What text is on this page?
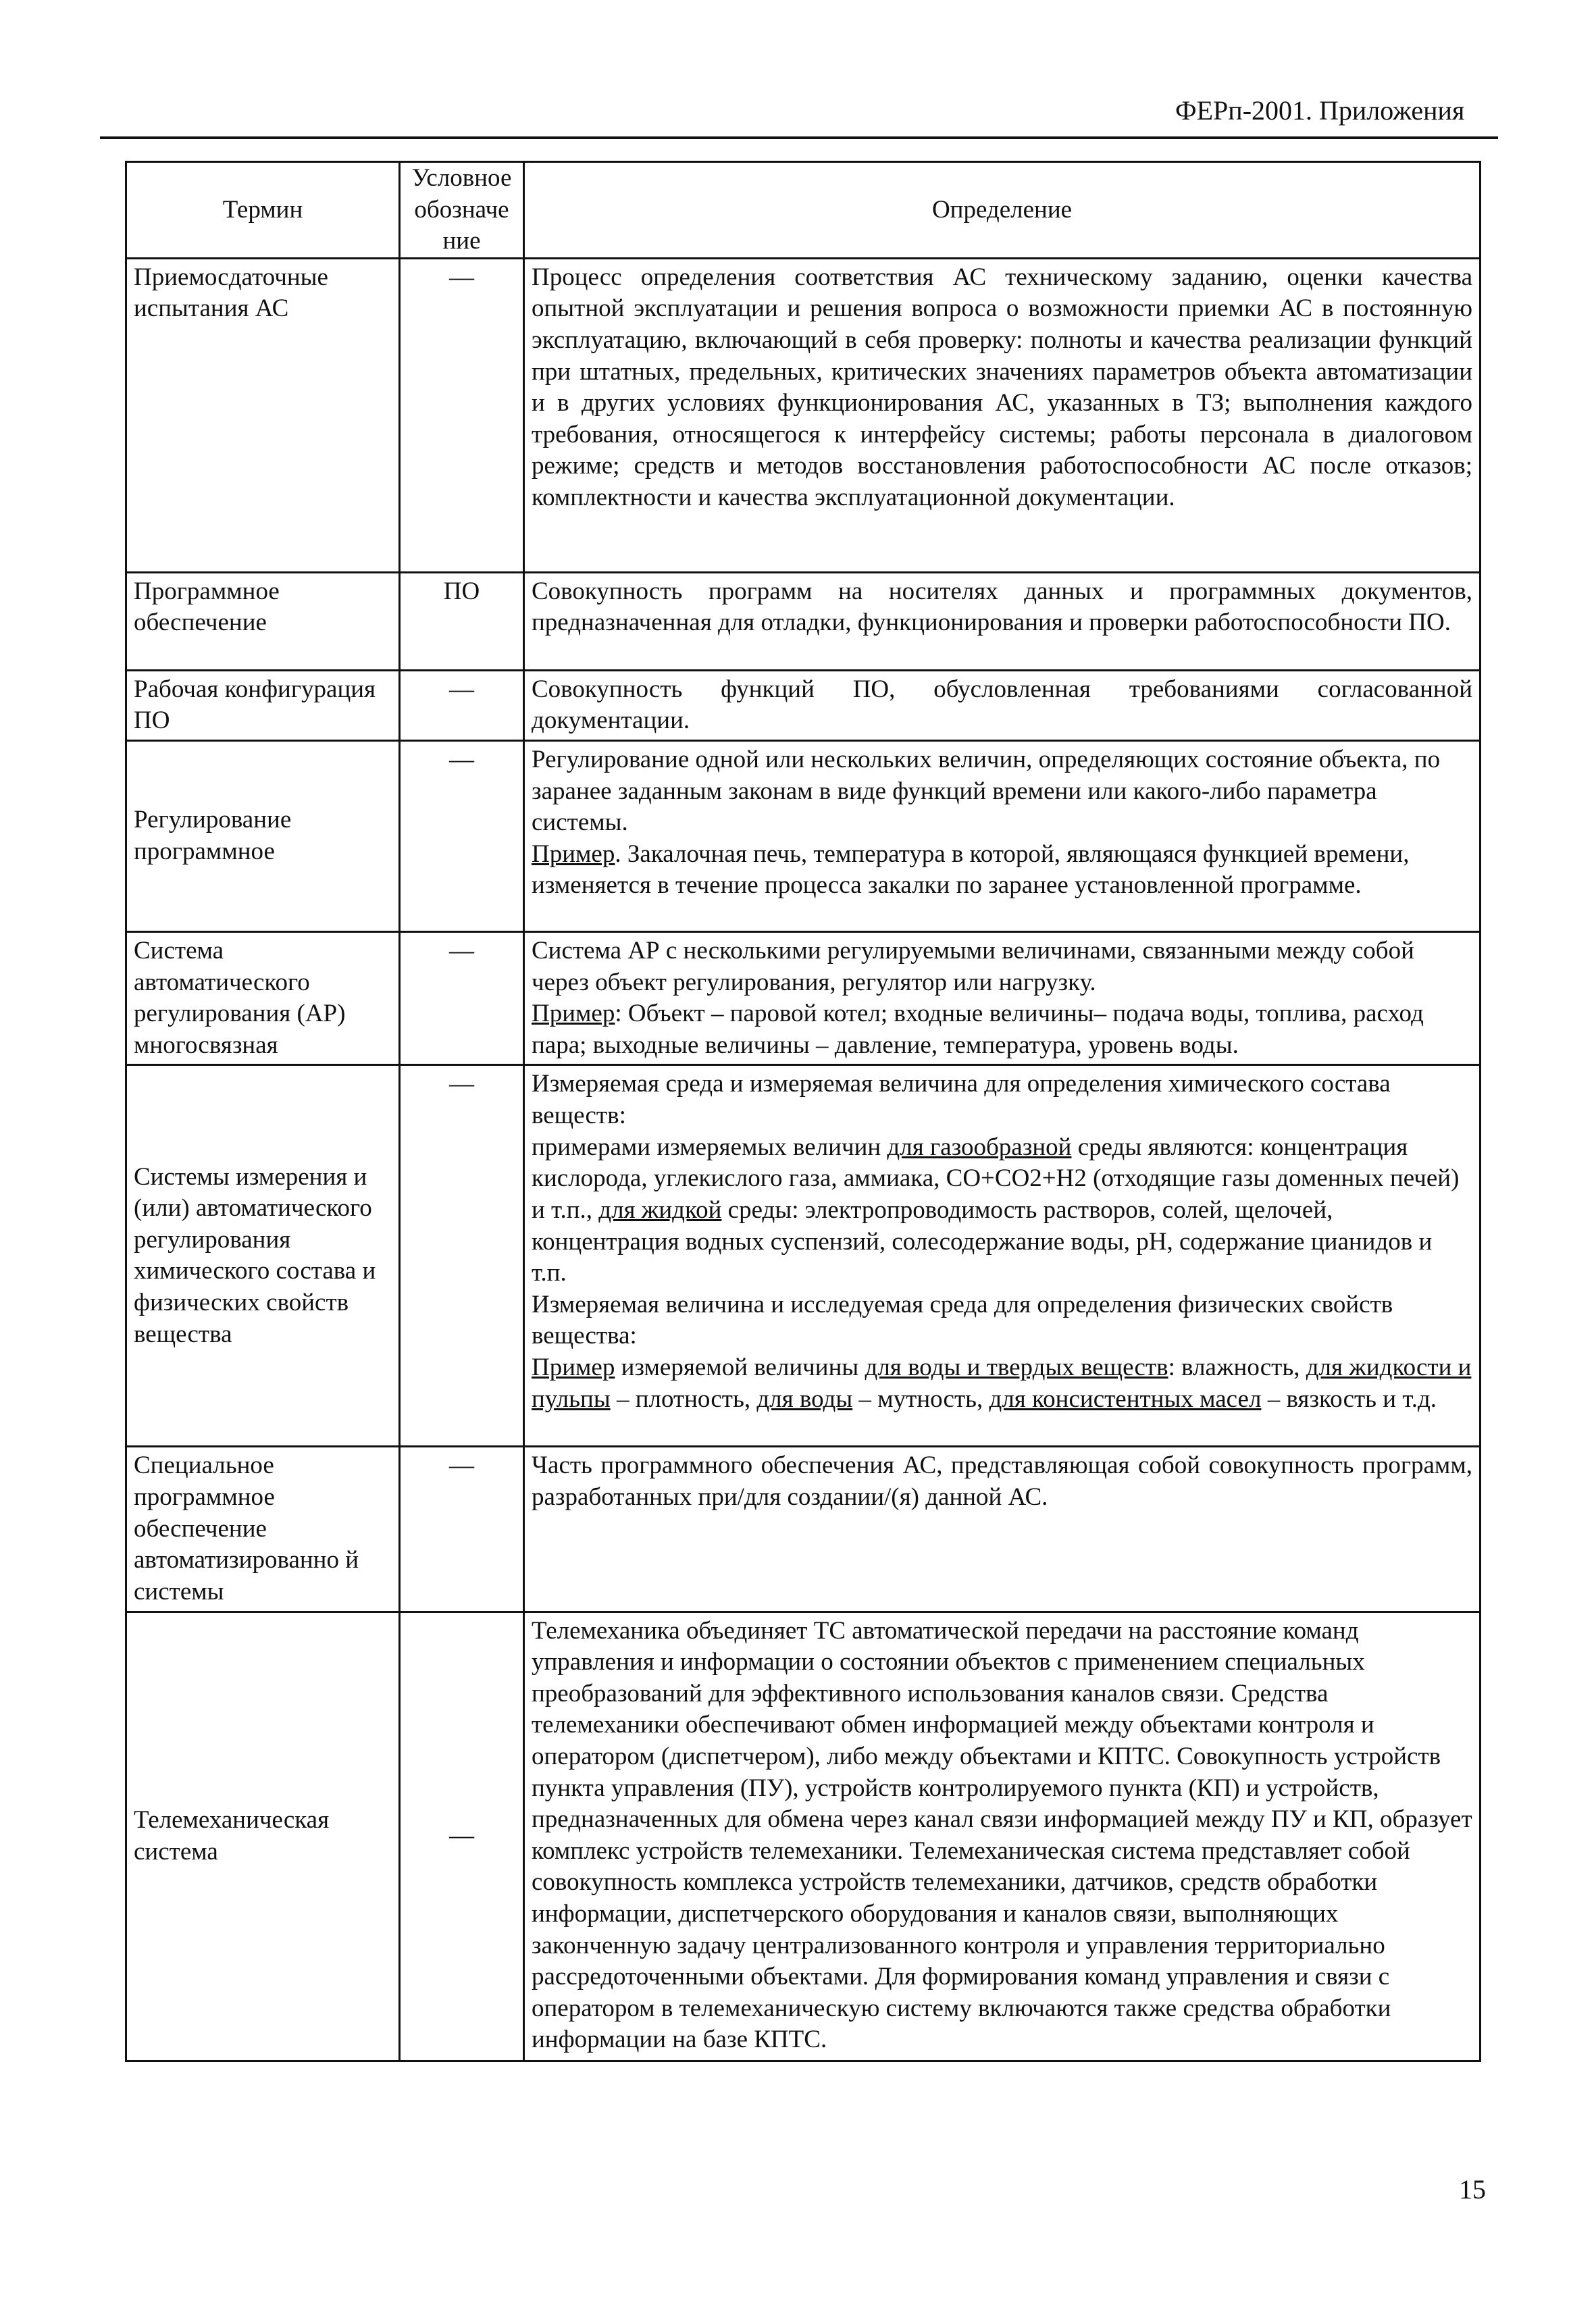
ФЕРп-2001. Приложения
Термин	Условное обозначе ние	Определение
Приемосдаточные испытания АС	—	Процесс определения соответствия АС техническому заданию, оценки качества опытной эксплуатации и решения вопроса о возможности приемки АС в постоянную эксплуатацию, включающий в себя проверку: полноты и качества реализации функций при штатных, предельных, критических значениях параметров объекта автоматизации и в других условиях функционирования АС, указанных в ТЗ; выполнения каждого требования, относящегося к интерфейсу системы; работы персонала в диалоговом режиме; средств и методов восстановления работоспособности АС после отказов; комплектности и качества эксплуатационной документации.
Программное обеспечение	ПО	Совокупность программ на носителях данных и программных документов, предназначенная для отладки, функционирования и проверки работоспособности ПО.
Рабочая конфигурация ПО	—	Совокупность функций ПО, обусловленная требованиями согласованной документации.
Регулирование программное	—	Регулирование одной или нескольких величин, определяющих состояние объекта, по заранее заданным законам в виде функций времени или какого-либо параметра системы.
Пример. Закалочная печь, температура в которой, являющаяся функцией времени, изменяется в течение процесса закалки по заранее установленной программе.
Система автоматического регулирования (АР) многосвязная	—	Система АР с несколькими регулируемыми величинами, связанными между собой через объект регулирования, регулятор или нагрузку.
Пример: Объект – паровой котел; входные величины– подача воды, топлива, расход пара; выходные величины – давление, температура, уровень воды.
Системы измерения и (или) автоматического регулирования химического состава и физических свойств вещества	—	Измеряемая среда и измеряемая величина для определения химического состава веществ:
примерами измеряемых величин для газообразной среды являются: концентрация кислорода, углекислого газа, аммиака, CO+CO2+H2 (отходящие газы доменных печей) и т.п., для жидкой среды: электропроводимость растворов, солей, щелочей, концентрация водных суспензий, солесодержание воды, pH, содержание цианидов и т.п.
Измеряемая величина и исследуемая среда для определения физических свойств вещества:
Пример измеряемой величины для воды и твердых веществ: влажность, для жидкости и пульпы – плотность, для воды – мутность, для консистентных масел – вязкость и т.д.
Специальное программное обеспечение автоматизированно й системы	—	Часть программного обеспечения АС, представляющая собой совокупность программ, разработанных при/для создании/(я) данной АС.
Телемеханическая система	—	Телемеханика объединяет ТС автоматической передачи на расстояние команд управления и информации о состоянии объектов с применением специальных преобразований для эффективного использования каналов связи. Средства телемеханики обеспечивают обмен информацией между объектами контроля и оператором (диспетчером), либо между объектами и КПТС. Совокупность устройств пункта управления (ПУ), устройств контролируемого пункта (КП) и устройств, предназначенных для обмена через канал связи информацией между ПУ и КП, образует комплекс устройств телемеханики. Телемеханическая система представляет собой совокупность комплекса устройств телемеханики, датчиков, средств обработки информации, диспетчерского оборудования и каналов связи, выполняющих законченную задачу централизованного контроля и управления территориально рассредоточенными объектами. Для формирования команд управления и связи с оператором в телемеханическую систему включаются также средства обработки информации на базе КПТС.
15
